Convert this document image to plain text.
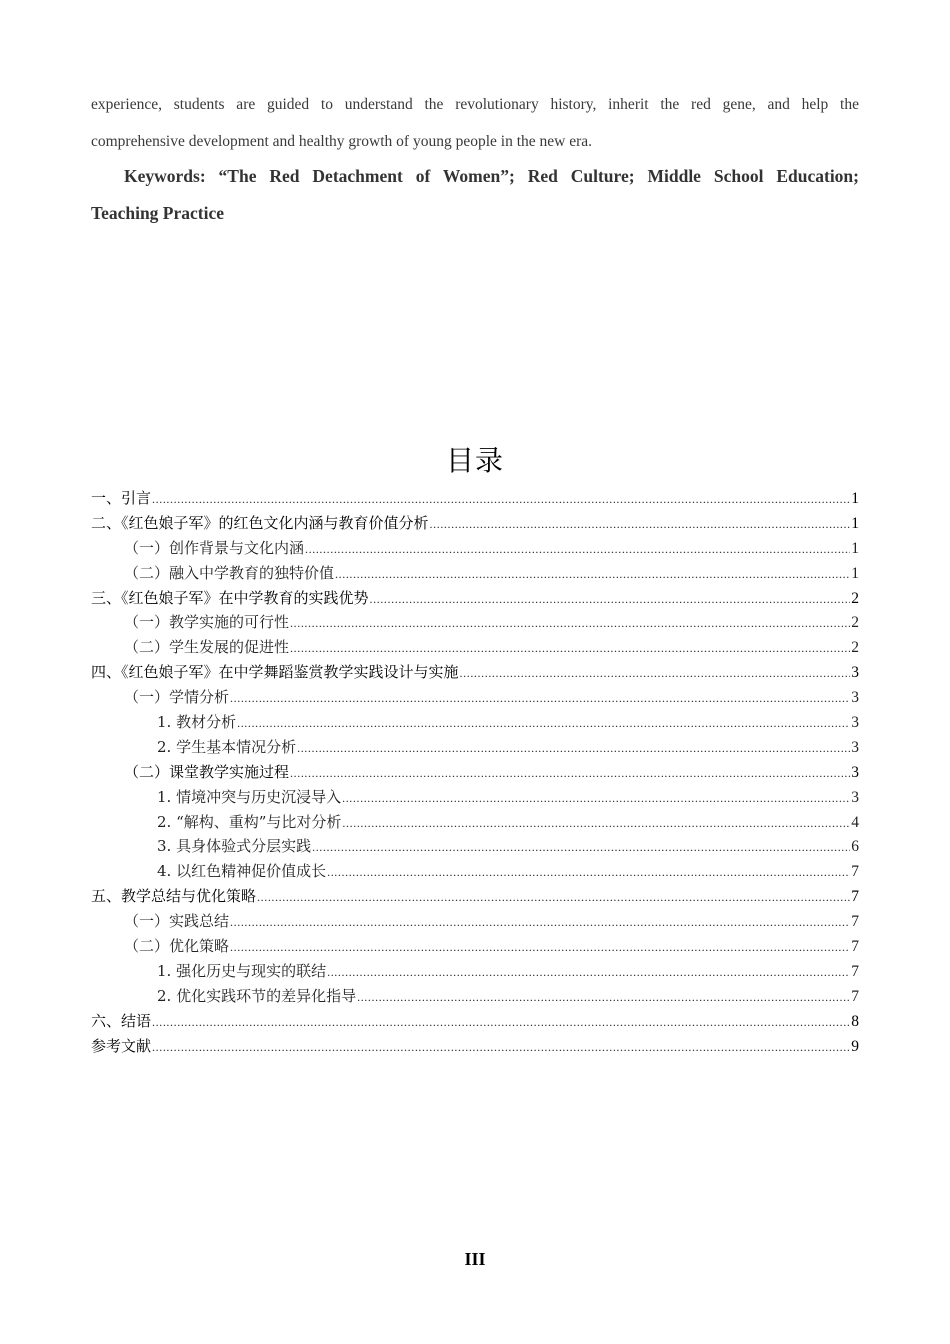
experience, students are guided to understand the revolutionary history, inherit the red gene, and help the

comprehensive development and healthy growth of young people in the new era.

Keywords: “The Red Detachment of Women”; Red Culture; Middle School Education;
Teaching Practice
目录
一、引言 .....	1
二、《红色娘子军》的红色文化内涵与教育价值分析 .....	1
（一）创作背景与文化内涵 .....	1
（二）融入中学教育的独特价值 .....	1
三、《红色娘子军》在中学教育的实践优势 .....	2
（一）教学实施的可行性 .....	2
（二）学生发展的促进性 .....	2
四、《红色娘子军》在中学舞蹈鉴赏教学实践设计与实施 .....	3
（一）学情分析 .....	3
1. 教材分析 .....	3
2. 学生基本情况分析 .....	3
（二）课堂教学实施过程 .....	3
1. 情境冲突与历史沉浸导入 .....	3
2. “解构、重构”与比对分析 .....	4
3. 具身体验式分层实践 .....	6
4. 以红色精神促价值成长 .....	7
五、教学总结与优化策略 .....	7
（一）实践总结 .....	7
（二）优化策略 .....	7
1. 强化历史与现实的联结 .....	7
2. 优化实践环节的差异化指导 .....	7
六、结语 .....	8
参考文献 .....	9
III
